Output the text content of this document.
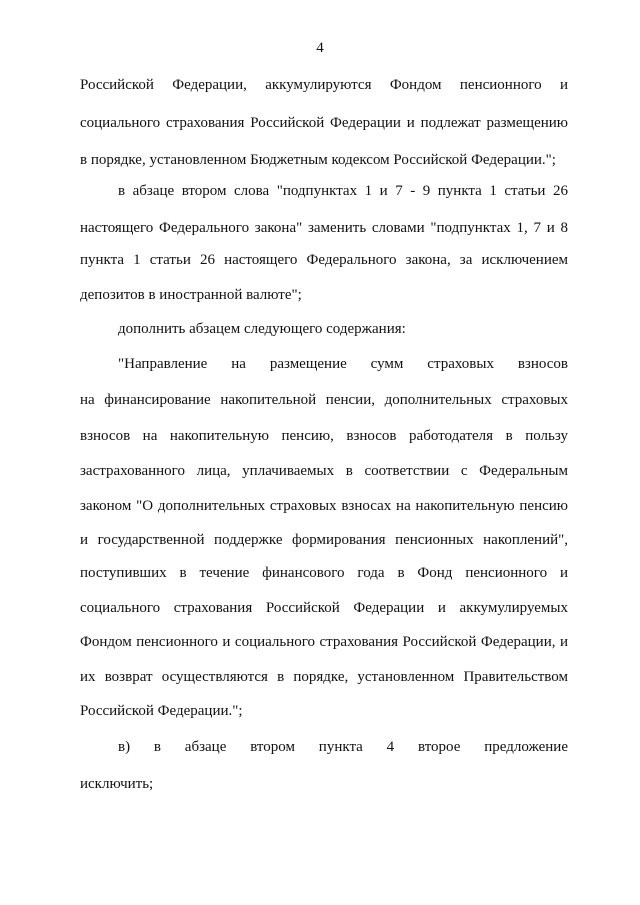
4
Российской Федерации, аккумулируются Фондом пенсионного и
социального страхования Российской Федерации и подлежат размещению
в порядке, установленном Бюджетным кодексом Российской Федерации.";
в абзаце втором слова "подпунктах 1 и 7 - 9 пункта 1 статьи 26
настоящего Федерального закона" заменить словами "подпунктах 1, 7 и 8
пункта 1 статьи 26 настоящего Федерального закона, за исключением
депозитов в иностранной валюте";
дополнить абзацем следующего содержания:
"Направление на размещение сумм страховых взносов
на финансирование накопительной пенсии, дополнительных страховых
взносов на накопительную пенсию, взносов работодателя в пользу
застрахованного лица, уплачиваемых в соответствии с Федеральным
законом "О дополнительных страховых взносах на накопительную пенсию
и государственной поддержке формирования пенсионных накоплений",
поступивших в течение финансового года в Фонд пенсионного и
социального страхования Российской Федерации и аккумулируемых
Фондом пенсионного и социального страхования Российской Федерации, и
их возврат осуществляются в порядке, установленном Правительством
Российской Федерации.";
в) в абзаце втором пункта 4 второе предложение
исключить;
